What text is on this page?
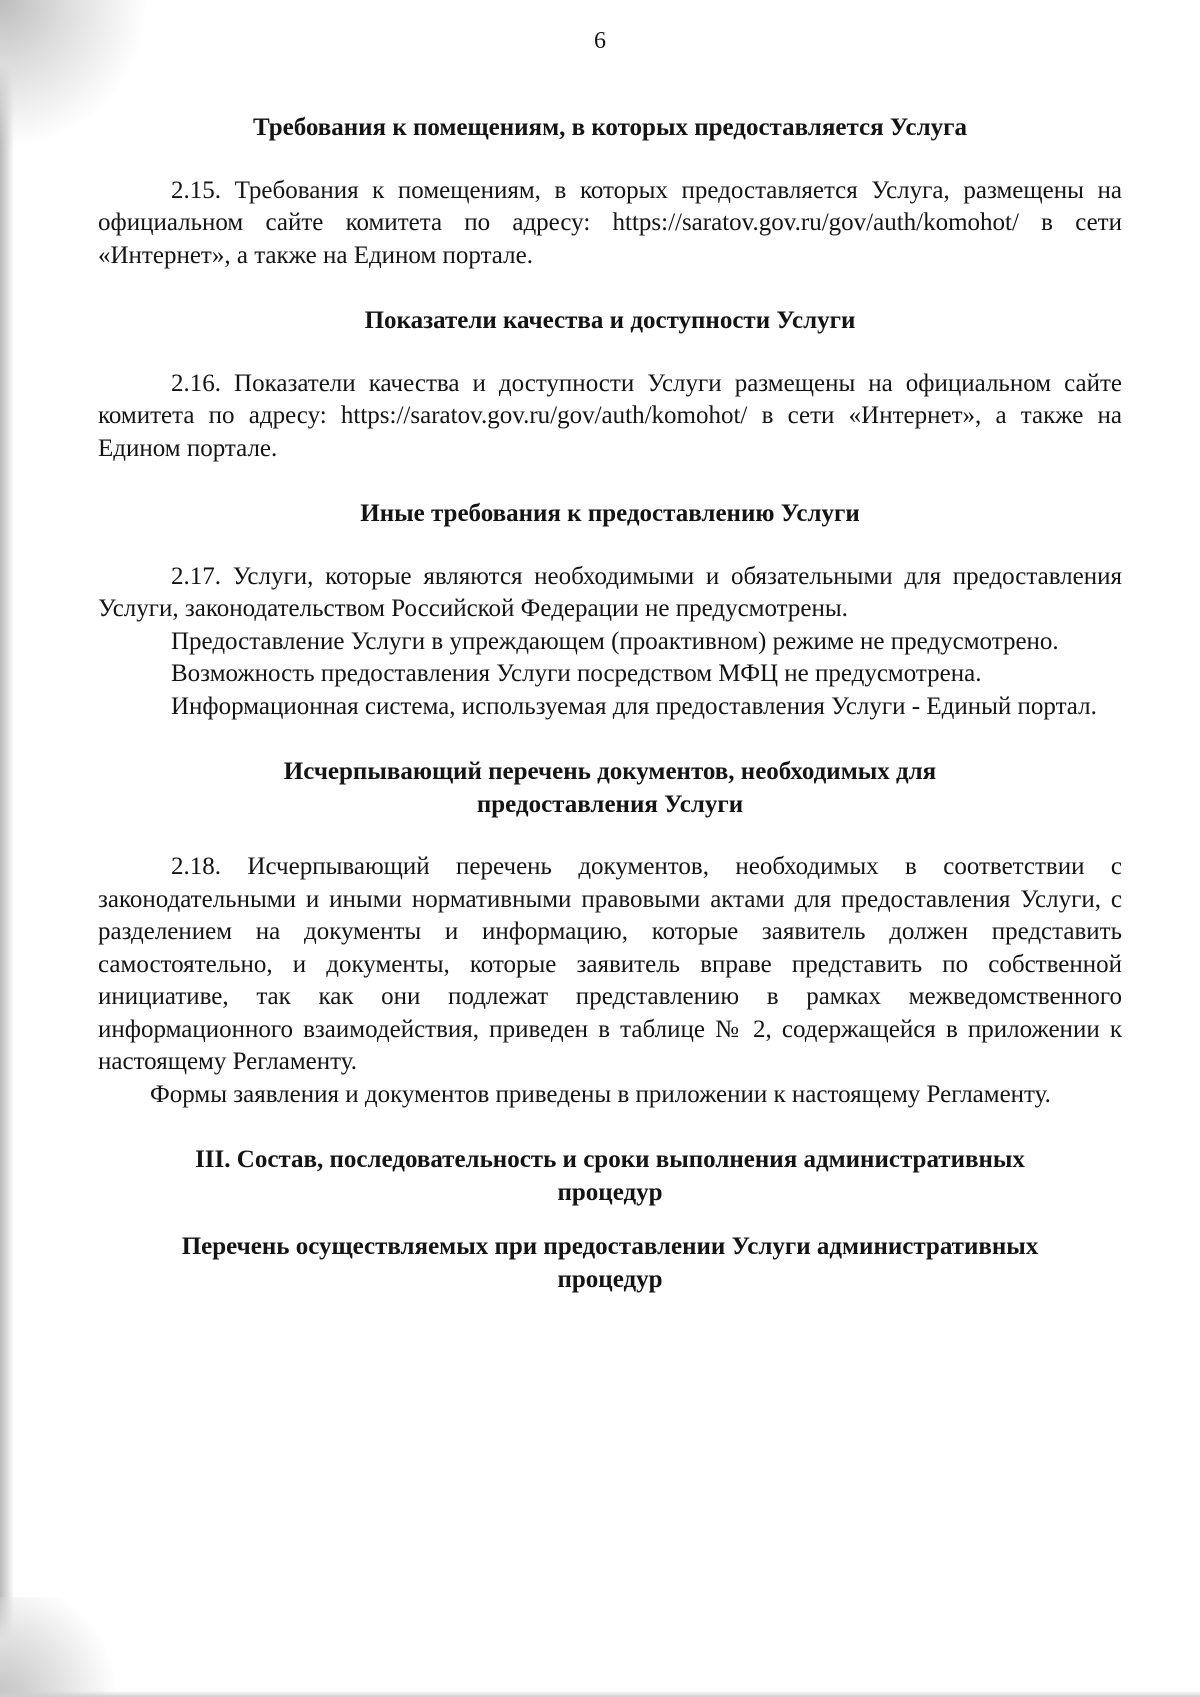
6
Требования к помещениям, в которых предоставляется Услуга

2.15. Требования к помещениям, в которых предоставляется Услуга, размещены на официальном сайте комитета по адресу: https://saratov.gov.ru/gov/auth/komohot/ в сети «Интернет», а также на Едином портале.

Показатели качества и доступности Услуги

2.16. Показатели качества и доступности Услуги размещены на официальном сайте комитета по адресу: https://saratov.gov.ru/gov/auth/komohot/ в сети «Интернет», а также на Едином портале.

Иные требования к предоставлению Услуги

2.17. Услуги, которые являются необходимыми и обязательными для предоставления Услуги, законодательством Российской Федерации не предусмотрены.

Предоставление Услуги в упреждающем (проактивном) режиме не предусмотрено.

Возможность предоставления Услуги посредством МФЦ не предусмотрена.

Информационная система, используемая для предоставления Услуги - Единый портал.

Исчерпывающий перечень документов, необходимых для
предоставления Услуги

2.18. Исчерпывающий перечень документов, необходимых в соответствии с законодательными и иными нормативными правовыми актами для предоставления Услуги, с разделением на документы и информацию, которые заявитель должен представить самостоятельно, и документы, которые заявитель вправе представить по собственной инициативе, так как они подлежат представлению в рамках межведомственного информационного взаимодействия, приведен в таблице № 2, содержащейся в приложении к настоящему Регламенту.

Формы заявления и документов приведены в приложении к настоящему Регламенту.

III. Состав, последовательность и сроки выполнения административных
процедур
Перечень осуществляемых при предоставлении Услуги административных
процедур
